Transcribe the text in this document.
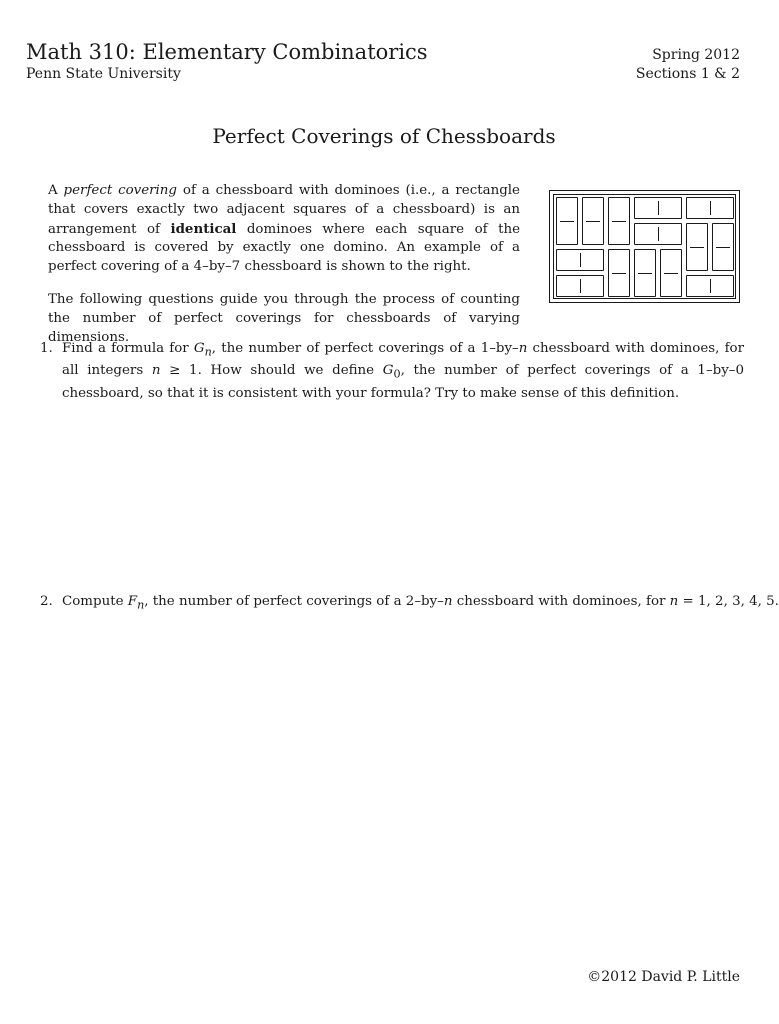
Math 310: Elementary Combinatorics
Penn State University
Spring 2012
Sections 1 & 2
Perfect Coverings of Chessboards

A perfect covering of a chessboard with dominoes (i.e., a rectangle that covers exactly two adjacent squares of a chessboard) is an arrangement of identical dominoes where each square of the chessboard is covered by exactly one domino. An example of a perfect covering of a 4–by–7 chessboard is shown to the right.

The following questions guide you through the process of counting the number of perfect coverings for chessboards of varying dimensions.

1. Find a formula for $G_n$, the number of perfect coverings of a 1–by–n chessboard with dominoes, for all integers n ≥ 1. How should we define $G_0$, the number of perfect coverings of a 1–by–0 chessboard, so that it is consistent with your formula? Try to make sense of this definition.
2. Compute $F_n$, the number of perfect coverings of a 2–by–n chessboard with dominoes, for n = 1, 2, 3, 4, 5.
©2012 David P. Little
